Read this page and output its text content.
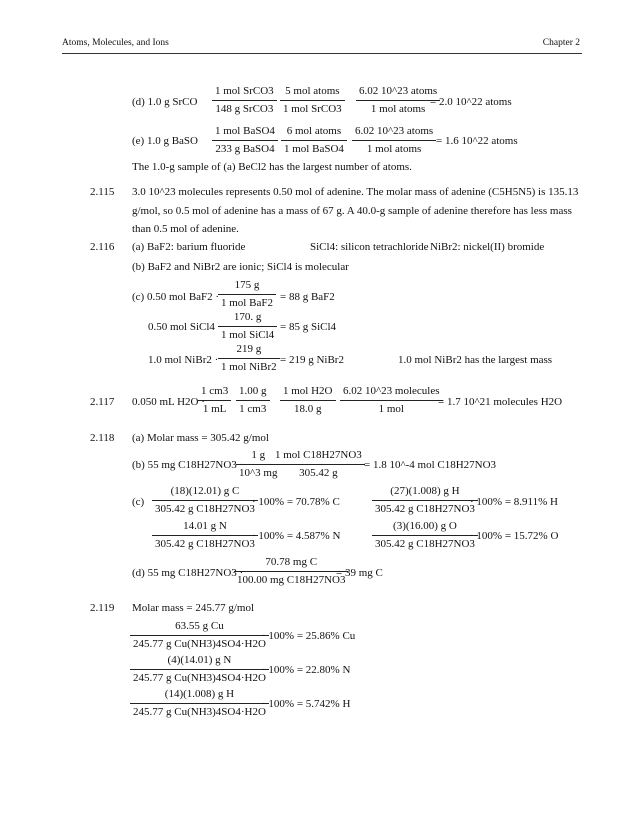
Atoms, Molecules, and Ions	Chapter 2
(d) 1.0 g SrCO
1 mol SrCO3
148 g SrCO3
5 mol atoms
1 mol SrCO3
6.02 10^23 atoms
1 mol atoms
= 2.0 10^22 atoms
(e) 1.0 g BaSO
1 mol BaSO4
233 g BaSO4
6 mol atoms
1 mol BaSO4
6.02 10^23 atoms
1 mol atoms
= 1.6 10^22 atoms
The 1.0-g sample of (a) BeCl2 has the largest number of atoms.
2.115 3.0 10^23 molecules represents 0.50 mol of adenine. The molar mass of adenine (C5H5N5) is 135.13 g/mol, so 0.5 mol of adenine has a mass of 67 g. A 40.0-g sample of adenine therefore has less mass than 0.5 mol of adenine.
2.116 (a) BaF2: barium fluoride	SiCl4: silicon tetrachloride NiBr2: nickel(II) bromide
(b) BaF2 and NiBr2 are ionic; SiCl4 is molecular
(c) 0.50 mol BaF2 ·
175 g
1 mol BaF2 = 88 g BaF2
0.50 mol SiCl4 ·
170. g
1 mol SiCl4
= 85 g SiCl4
1.0 mol NiBr2 ·
219 g
1 mol NiBr2
= 219 g NiBr2	1.0 mol NiBr2 has the largest mass
2.117 0.050 mL H2O ·
$\frac{1 cm3}{1 mL} \frac{1.00 g}{1 cm3} 1$ mol H2O
18.0 g
6.02 10^23 molecules
1 mol
= 1.7 10^21 molecules H2O
2.118 (a) Molar mass = 305.42 g/mol
(b) 55 mg C18H27NO3 ·
$\frac{1 g}{10\^{}3 mg}$
1 mol C18H27NO3
305.42 g
= 1.8 10^-4 mol C18H27NO3
$(c) \frac{\text{(18)(12.01) g C}}{\text{305.42 g C18H27NO3}}$
· 100% = 70.78% C	$\frac{\text{(27)(1.008) g H}}{\text{305.42 g C18H27NO3}}$
· 100% = 8.911% H
$\frac{\text{14.01 g N}}{\text{305.42 g C18H27NO3}}$
· 100% = 4.587% N	$\frac{\text{(3)(16.00) g O}}{\text{305.42 g C18H27NO3}}$
· 100% = 15.72% O
(d) 55 mg C18H27NO3 ·
$\frac{\text{70.78 mg C}}{\text{100.00 mg C18H27NO3}}$
= 39 mg C
2.119 Molar mass = 245.77 g/mol
$\frac{\text{63.55 g Cu}}{\text{245.77 g Cu(NH3)4SO4·H2O}}$
· 100% = 25.86% Cu
$\frac{\text{(4)(14.01) g N}}{\text{245.77 g Cu(NH3)4SO4·H2O}}$
· 100% = 22.80% N
$\frac{\text{(14)(1.008) g H}}{\text{245.77 g Cu(NH3)4SO4·H2O}}$
· 100% = 5.742% H
